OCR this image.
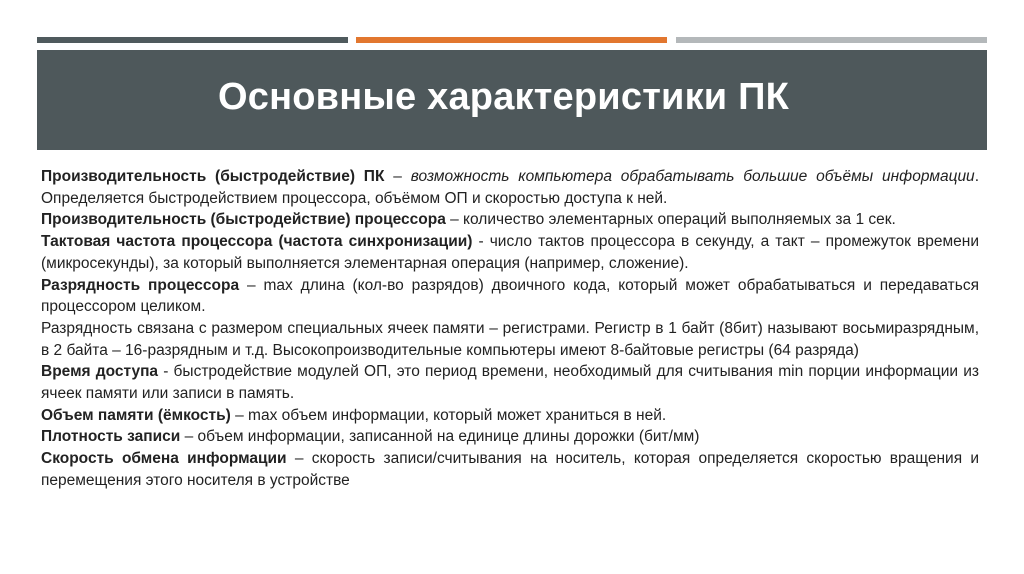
Основные характеристики ПК

Производительность (быстродействие) ПК – возможность компьютера обрабатывать большие объёмы информации. Определяется быстродействием процессора, объёмом ОП и скоростью доступа к ней.

Производительность (быстродействие) процессора – количество элементарных операций выполняемых за 1 сек.

Тактовая частота процессора (частота синхронизации) - число тактов процессора в секунду, а такт – промежуток времени (микросекунды), за который выполняется элементарная операция (например, сложение).

Разрядность процессора – max длина (кол-во разрядов) двоичного кода, который может обрабатываться и передаваться процессором целиком.

Разрядность связана с размером специальных ячеек памяти – регистрами. Регистр в 1 байт (8бит) называют восьмиразрядным, в 2 байта – 16-разрядным и т.д. Высокопроизводительные компьютеры имеют 8-байтовые регистры (64 разряда)

Время доступа - быстродействие модулей ОП, это период времени, необходимый для считывания min порции информации из ячеек памяти или записи в память.

Объем памяти (ёмкость) – max объем информации, который может храниться в ней.

Плотность записи – объем информации, записанной на единице длины дорожки (бит/мм)

Скорость обмена информации – скорость записи/считывания на носитель, которая определяется скоростью вращения и перемещения этого носителя в устройстве
